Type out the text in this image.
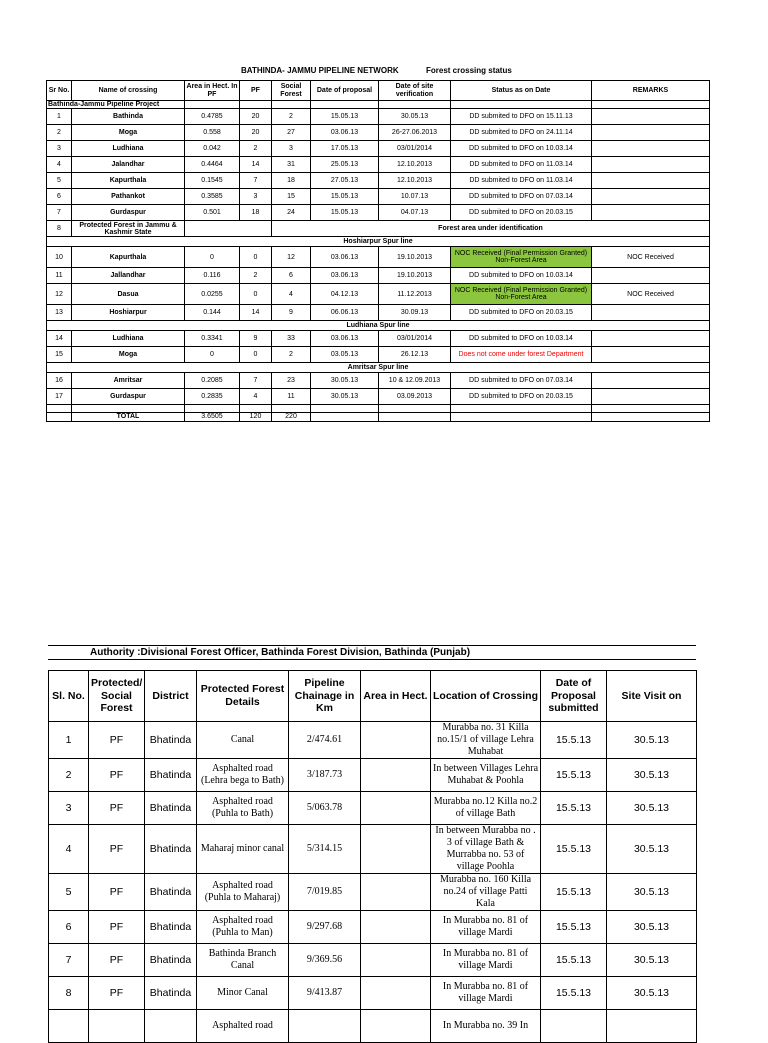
BATHINDA- JAMMU PIPELINE NETWORK	Forest crossing status
Sr No.	Name of crossing	Area in Hect. In PF	PF	Social Forest	Date of proposal	Date of site verification	Status as on Date	REMARKS
Bathinda-Jammu Pipeline Project								
1	Bathinda	0.4785	20	2	15.05.13	30.05.13	DD submited to DFO on 15.11.13	
2	Moga	0.558	20	27	03.06.13	26-27.06.2013	DD submited to DFO on 24.11.14	
3	Ludhiana	0.042	2	3	17.05.13	03/01/2014	DD submited to DFO on 10.03.14	
4	Jalandhar	0.4464	14	31	25.05.13	12.10.2013	DD submited to DFO on 11.03.14	
5	Kapurthala	0.1545	7	18	27.05.13	12.10.2013	DD submited to DFO on 11.03.14	
6	Pathankot	0.3585	3	15	15.05.13	10.07.13	DD submited to DFO on 07.03.14	
7	Gurdaspur	0.501	18	24	15.05.13	04.07.13	DD submited to DFO on 20.03.15	
8	Protected Forest in Jammu & Kashmir State			Forest area under identification				
Hoshiarpur Spur line								
10	Kapurthala	0	0	12	03.06.13	19.10.2013	NOC Received (Final Permission Granted) Non-Forest Area	NOC Received
11	Jallandhar	0.116	2	6	03.06.13	19.10.2013	DD submited to DFO on 10.03.14	
12	Dasua	0.0255	0	4	04.12.13	11.12.2013	NOC Received (Final Permission Granted) Non-Forest Area	NOC Received
13	Hoshiarpur	0.144	14	9	06.06.13	30.09.13	DD submited to DFO on 20.03.15	
Ludhiana Spur line								
14	Ludhiana	0.3341	9	33	03.06.13	03/01/2014	DD submited to DFO on 10.03.14	
15	Moga	0	0	2	03.05.13	26.12.13	Does not come under forest Department	
Amritsar Spur line								
16	Amritsar	0.2085	7	23	30.05.13	10 & 12.09.2013	DD submited to DFO on 07.03.14	
17	Gurdaspur	0.2835	4	11	30.05.13	03.09.2013	DD submited to DFO on 20.03.15	

	TOTAL	3.6505	120	220				
Authority :Divisional Forest Officer, Bathinda Forest Division, Bathinda (Punjab)
Sl. No.	Protected/ Social Forest	District	Protected Forest Details	Pipeline Chainage in Km	Area in Hect.	Location of Crossing	Date of Proposal submitted	Site Visit on
1	PF	Bhatinda	Canal	2/474.61		Murabba no. 31 Killa no.15/1 of village Lehra Muhabat	15.5.13	30.5.13
2	PF	Bhatinda	Asphalted road (Lehra bega to Bath)	3/187.73		In between Villages Lehra Muhabat & Poohla	15.5.13	30.5.13
3	PF	Bhatinda	Asphalted road (Puhla to Bath)	5/063.78		Murabba no.12 Killa no.2 of village Bath	15.5.13	30.5.13
4	PF	Bhatinda	Maharaj minor canal	5/314.15		In between Murabba no . 3 of village Bath & Murrabba no. 53 of village Poohla	15.5.13	30.5.13
5	PF	Bhatinda	Asphalted road (Puhla to Maharaj)	7/019.85		Murabba no. 160 Killa no.24 of village Patti Kala	15.5.13	30.5.13
6	PF	Bhatinda	Asphalted road (Puhla to Man)	9/297.68		In Murabba no. 81 of village Mardi	15.5.13	30.5.13
7	PF	Bhatinda	Bathinda Branch Canal	9/369.56		In Murabba no. 81 of village Mardi	15.5.13	30.5.13
8	PF	Bhatinda	Minor Canal	9/413.87		In Murabba no. 81 of village Mardi	15.5.13	30.5.13
			Asphalted road			In Murabba no. 39 In		
